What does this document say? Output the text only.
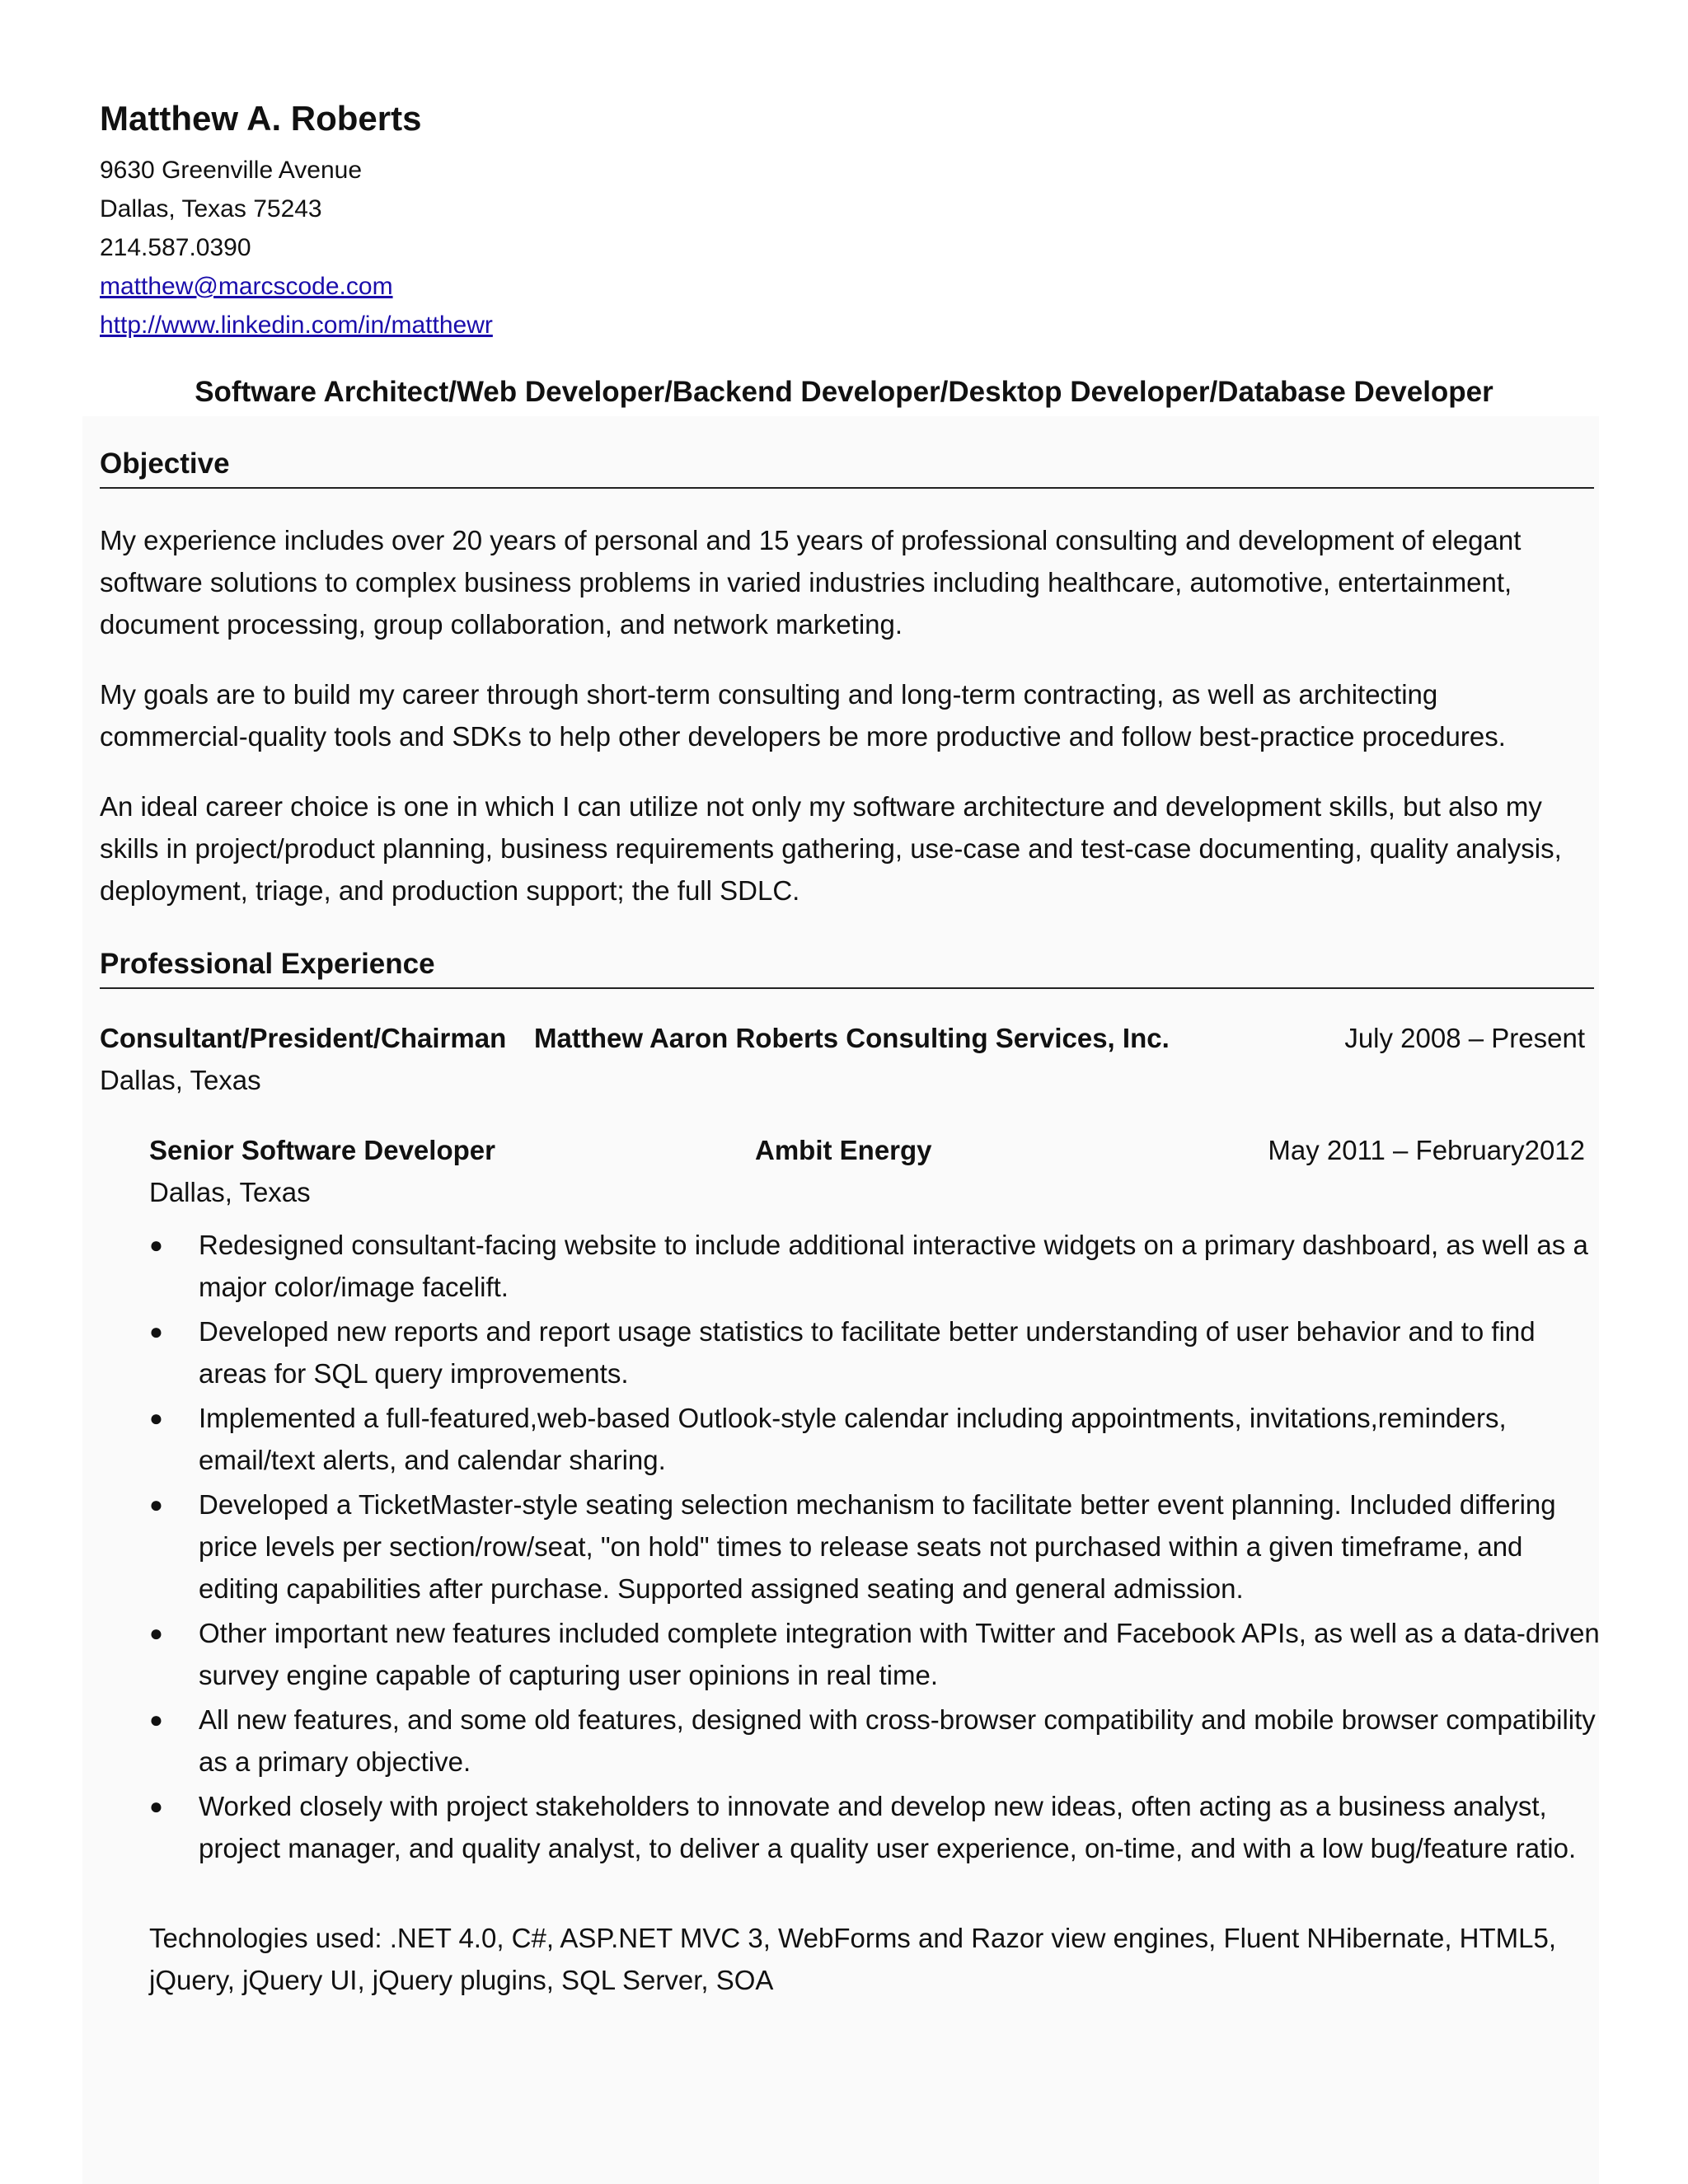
Matthew A. Roberts
9630 Greenville Avenue
Dallas, Texas 75243
214.587.0390
matthew@marcscode.com
http://www.linkedin.com/in/matthewr
Software Architect/Web Developer/Backend Developer/Desktop Developer/Database Developer
Objective

My experience includes over 20 years of personal and 15 years of professional consulting and development of elegant software solutions to complex business problems in varied industries including healthcare, automotive, entertainment, document processing, group collaboration, and network marketing.

My goals are to build my career through short-term consulting and long-term contracting, as well as architecting commercial-quality tools and SDKs to help other developers be more productive and follow best-practice procedures.

An ideal career choice is one in which I can utilize not only my software architecture and development skills, but also my skills in project/product planning, business requirements gathering, use-case and test-case documenting, quality analysis, deployment, triage, and production support; the full SDLC.

Professional Experience
Consultant/President/Chairman Matthew Aaron Roberts Consulting Services, Inc.	July 2008 – Present
Dallas, Texas
Senior Software Developer	Ambit Energy	May 2011 – February2012
Dallas, Texas
● Redesigned consultant-facing website to include additional interactive widgets on a primary dashboard, as well as a major color/image facelift.
● Developed new reports and report usage statistics to facilitate better understanding of user behavior and to find areas for SQL query improvements.
● Implemented a full-featured,web-based Outlook-style calendar including appointments, invitations,reminders, email/text alerts, and calendar sharing.
● Developed a TicketMaster-style seating selection mechanism to facilitate better event planning. Included differing price levels per section/row/seat, "on hold" times to release seats not purchased within a given timeframe, and editing capabilities after purchase. Supported assigned seating and general admission.
● Other important new features included complete integration with Twitter and Facebook APIs, as well as a data-driven survey engine capable of capturing user opinions in real time.
● All new features, and some old features, designed with cross-browser compatibility and mobile browser compatibility as a primary objective.
● Worked closely with project stakeholders to innovate and develop new ideas, often acting as a business analyst, project manager, and quality analyst, to deliver a quality user experience, on-time, and with a low bug/feature ratio.

Technologies used: .NET 4.0, C#, ASP.NET MVC 3, WebForms and Razor view engines, Fluent NHibernate, HTML5, jQuery, jQuery UI, jQuery plugins, SQL Server, SOA
